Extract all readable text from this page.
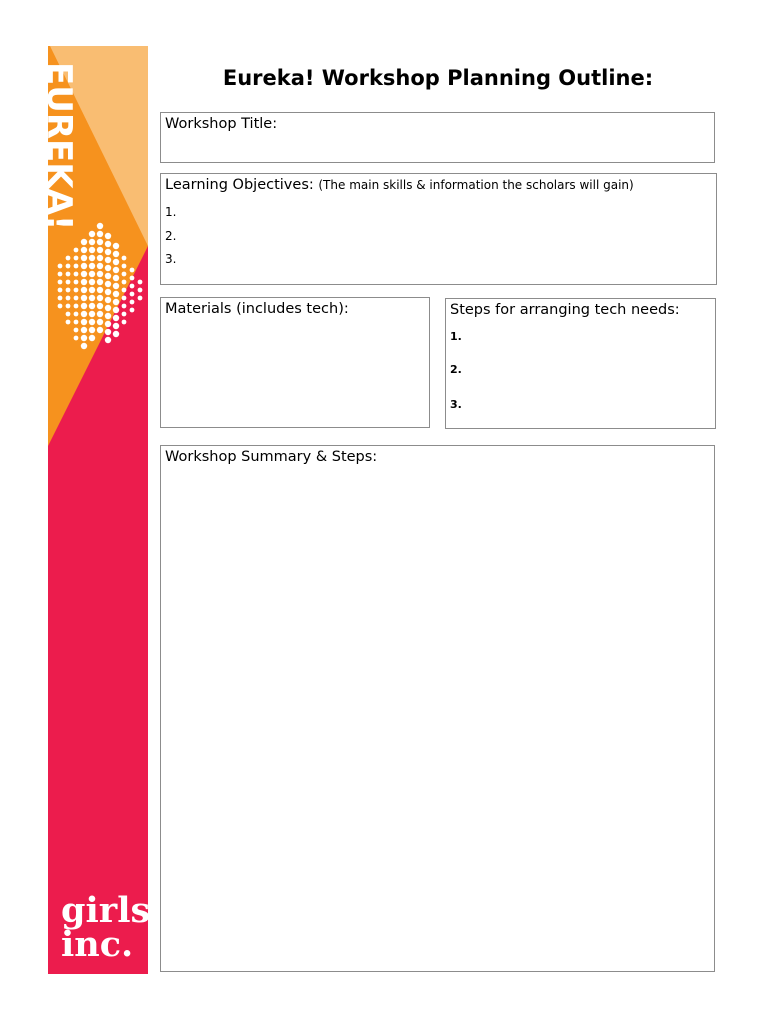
EUREKA!
girls
inc.
Eureka! Workshop Planning Outline:
Workshop Title:
Learning Objectives: (The main skills & information the scholars will gain)
1.
2.
3.
Materials (includes tech):	Steps for arranging tech needs:
1.
2.
3.
Workshop Summary & Steps:
